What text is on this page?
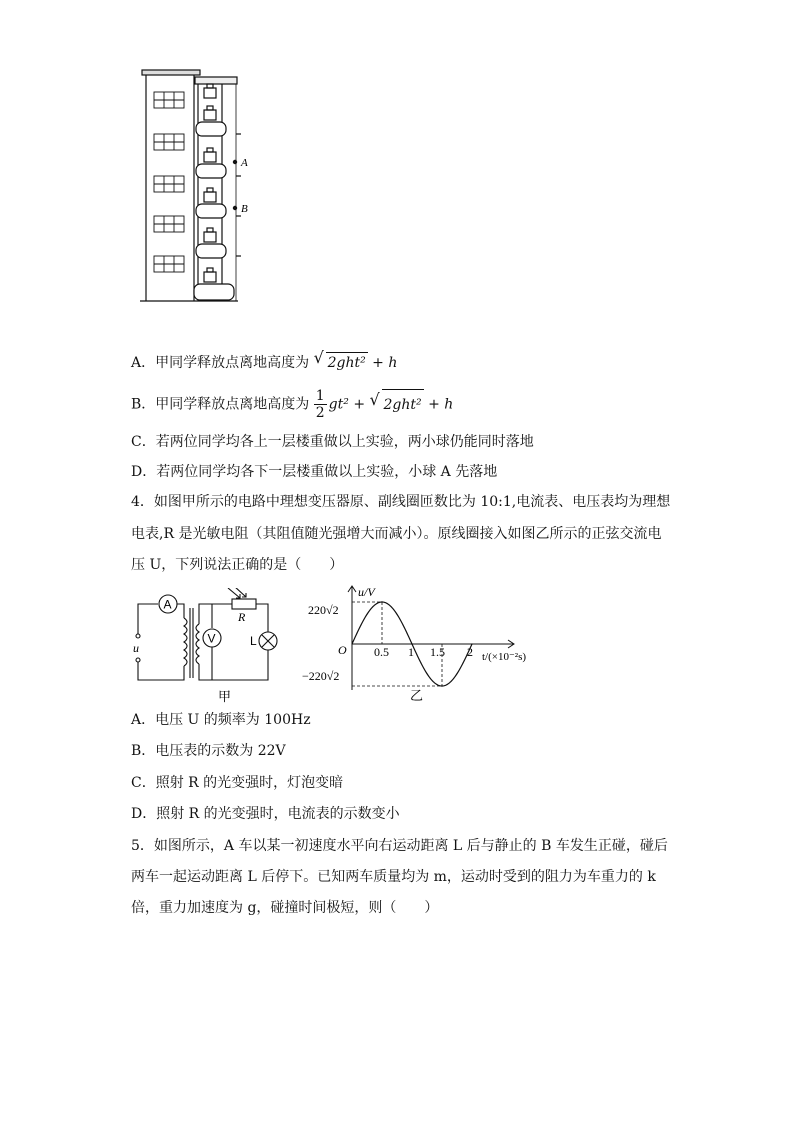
A
B
A．甲同学释放点离地高度为 √ 2ght² + h
B．甲同学释放点离地高度为 $\frac{1}{2} gt^2$ + √ 2ght² + h
C．若两位同学均各上一层楼重做以上实验，两小球仍能同时落地
D．若两位同学均各下一层楼重做以上实验，小球 A 先落地
4．如图甲所示的电路中理想变压器原、副线圈匝数比为 10:1,电流表、电压表均为理想
电表,R 是光敏电阻（其阻值随光强增大而减小）。原线圈接入如图乙所示的正弦交流电
压 U，下列说法正确的是（　　）
A
V
R
L
u
甲
u/V
220√2
−220√2
O 0.5 1 1.5 2 t/(×10⁻²s)
乙
A．电压 U 的频率为 100Hz
B．电压表的示数为 22V
C．照射 R 的光变强时，灯泡变暗
D．照射 R 的光变强时，电流表的示数变小
5．如图所示，A 车以某一初速度水平向右运动距离 L 后与静止的 B 车发生正碰，碰后
两车一起运动距离 L 后停下。已知两车质量均为 m，运动时受到的阻力为车重力的 k
倍，重力加速度为 g，碰撞时间极短，则（　　）
